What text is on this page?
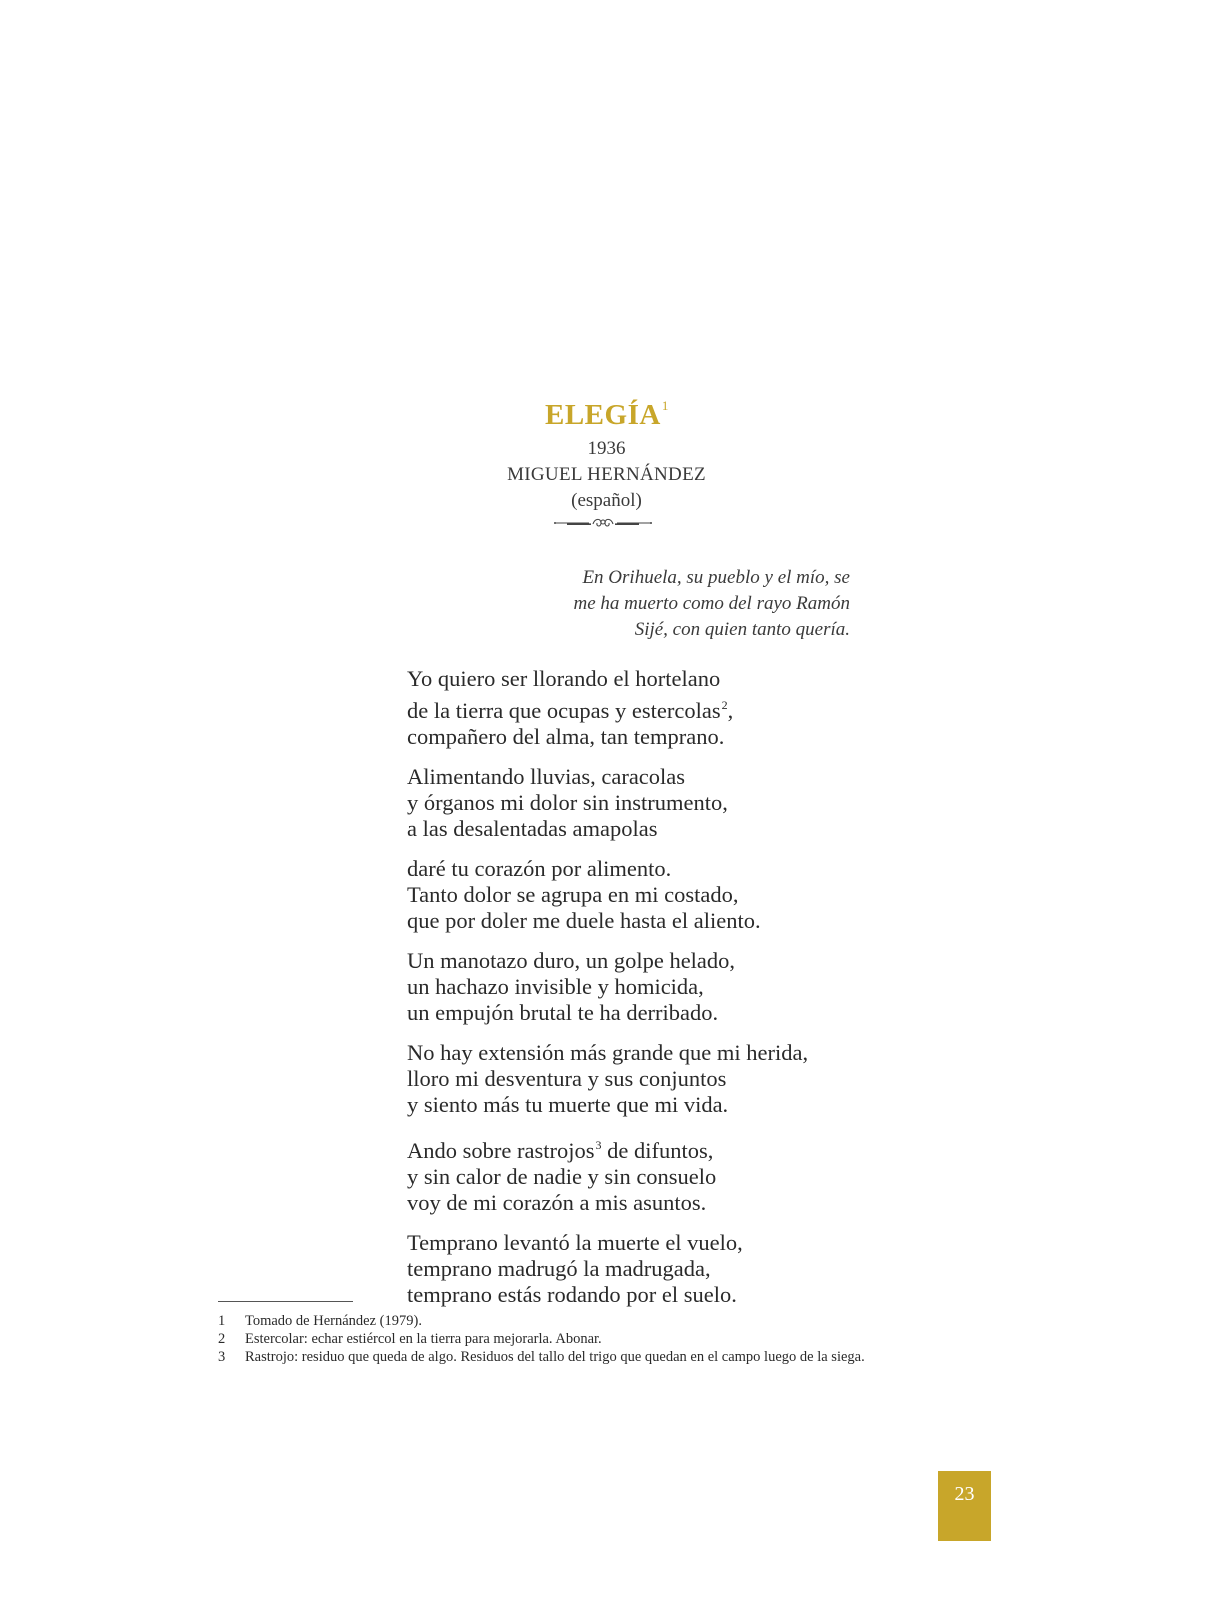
ELEGÍA$^1$
1936
MIGUEL HERNÁNDEZ
(español)
En Orihuela, su pueblo y el mío, se
me ha muerto como del rayo Ramón
Sijé, con quien tanto quería.
Yo quiero ser llorando el hortelano
de la tierra que ocupas y estercolas$^2$,
compañero del alma, tan temprano.
Alimentando lluvias, caracolas
y órganos mi dolor sin instrumento,
a las desalentadas amapolas
daré tu corazón por alimento.
Tanto dolor se agrupa en mi costado,
que por doler me duele hasta el aliento.
Un manotazo duro, un golpe helado,
un hachazo invisible y homicida,
un empujón brutal te ha derribado.
No hay extensión más grande que mi herida,
lloro mi desventura y sus conjuntos
y siento más tu muerte que mi vida.
Ando sobre rastrojos$^3$ de difuntos,
y sin calor de nadie y sin consuelo
voy de mi corazón a mis asuntos.
Temprano levantó la muerte el vuelo,
temprano madrugó la madrugada,
temprano estás rodando por el suelo.
1 Tomado de Hernández (1979).
2 Estercolar: echar estiércol en la tierra para mejorarla. Abonar.
3 Rastrojo: residuo que queda de algo. Residuos del tallo del trigo que quedan en el campo luego de la siega.
23
